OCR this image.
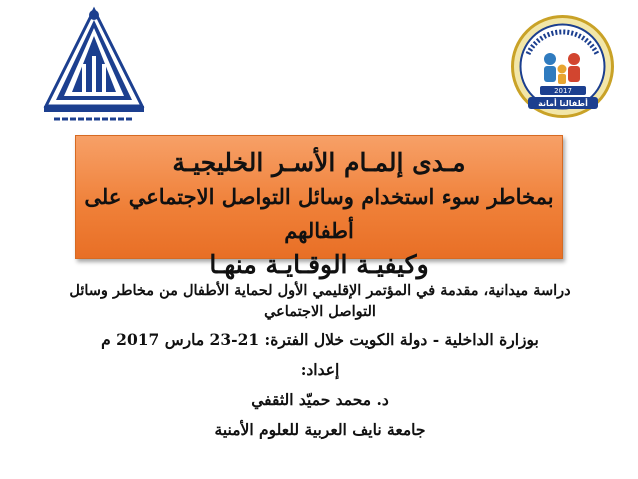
2017
أطفالنا أمانة
مـدى إلمـام الأسـر الخليجيـة
بمخاطر سوء استخدام وسائل التواصل الاجتماعي على أطفالهم
وكيفيـة الوقـايـة منهـا
دراسة ميدانية، مقدمة في المؤتمر الإقليمي الأول لحماية الأطفال من مخاطر وسائل
التواصل الاجتماعي
بوزارة الداخلية - دولة الكويت خلال الفترة: 21-23 مارس 2017 م
إعداد:
د. محمد حميّد الثقفي
جامعة نايف العربية للعلوم الأمنية
